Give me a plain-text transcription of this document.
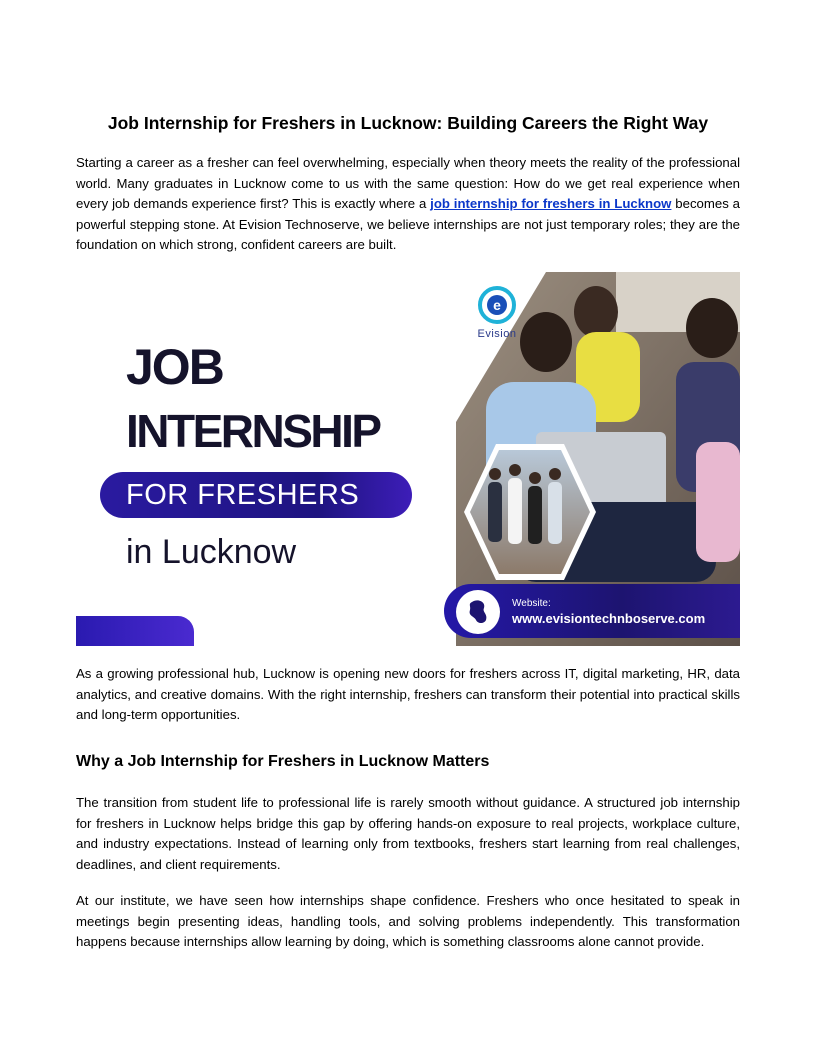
Job Internship for Freshers in Lucknow: Building Careers the Right Way

Starting a career as a fresher can feel overwhelming, especially when theory meets the reality of the professional world. Many graduates in Lucknow come to us with the same question: How do we get real experience when every job demands experience first? This is exactly where a job internship for freshers in Lucknow becomes a powerful stepping stone. At Evision Technoserve, we believe internships are not just temporary roles; they are the foundation on which strong, confident careers are built.

e
Evision

JOB

INTERNSHIP

FOR FRESHERS

in Lucknow

Website:

www.evisiontechnboserve.com

As a growing professional hub, Lucknow is opening new doors for freshers across IT, digital marketing, HR, data analytics, and creative domains. With the right internship, freshers can transform their potential into practical skills and long-term opportunities.

Why a Job Internship for Freshers in Lucknow Matters

The transition from student life to professional life is rarely smooth without guidance. A structured job internship for freshers in Lucknow helps bridge this gap by offering hands-on exposure to real projects, workplace culture, and industry expectations. Instead of learning only from textbooks, freshers start learning from real challenges, deadlines, and client requirements.

At our institute, we have seen how internships shape confidence. Freshers who once hesitated to speak in meetings begin presenting ideas, handling tools, and solving problems independently. This transformation happens because internships allow learning by doing, which is something classrooms alone cannot provide.
